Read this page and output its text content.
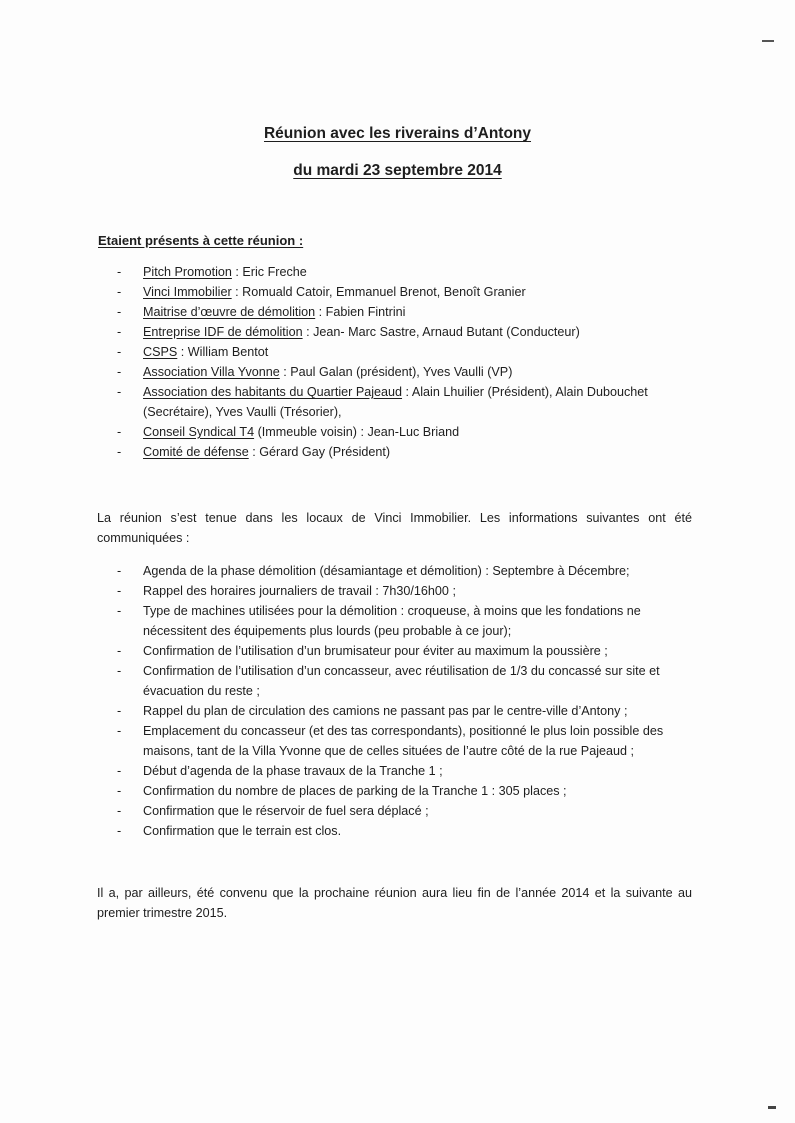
Réunion avec les riverains d’Antony
du mardi 23 septembre 2014
Etaient présents à cette réunion :
- Pitch Promotion : Eric Freche
- Vinci Immobilier : Romuald Catoir, Emmanuel Brenot, Benoît Granier
- Maitrise d’œuvre de démolition : Fabien Fintrini
- Entreprise IDF de démolition : Jean- Marc Sastre, Arnaud Butant (Conducteur)
- CSPS : William Bentot
- Association Villa Yvonne : Paul Galan (président), Yves Vaulli (VP)
- Association des habitants du Quartier Pajeaud : Alain Lhuilier (Président), Alain Dubouchet (Secrétaire), Yves Vaulli (Trésorier),
- Conseil Syndical T4 (Immeuble voisin) : Jean-Luc Briand
- Comité de défense : Gérard Gay (Président)
La réunion s’est tenue dans les locaux de Vinci Immobilier. Les informations suivantes ont été communiquées :
- Agenda de la phase démolition (désamiantage et démolition) : Septembre à Décembre;
- Rappel des horaires journaliers de travail : 7h30/16h00 ;
- Type de machines utilisées pour la démolition : croqueuse, à moins que les fondations ne nécessitent des équipements plus lourds (peu probable à ce jour);
- Confirmation de l’utilisation d’un brumisateur pour éviter au maximum la poussière ;
- Confirmation de l’utilisation d’un concasseur, avec réutilisation de 1/3 du concassé sur site et évacuation du reste ;
- Rappel du plan de circulation des camions ne passant pas par le centre-ville d’Antony ;
- Emplacement du concasseur (et des tas correspondants), positionné le plus loin possible des maisons, tant de la Villa Yvonne que de celles situées de l’autre côté de la rue Pajeaud ;
- Début d’agenda de la phase travaux de la Tranche 1 ;
- Confirmation du nombre de places de parking de la Tranche 1 : 305 places ;
- Confirmation que le réservoir de fuel sera déplacé ;
- Confirmation que le terrain est clos.
Il a, par ailleurs, été convenu que la prochaine réunion aura lieu fin de l’année 2014 et la suivante au premier trimestre 2015.
